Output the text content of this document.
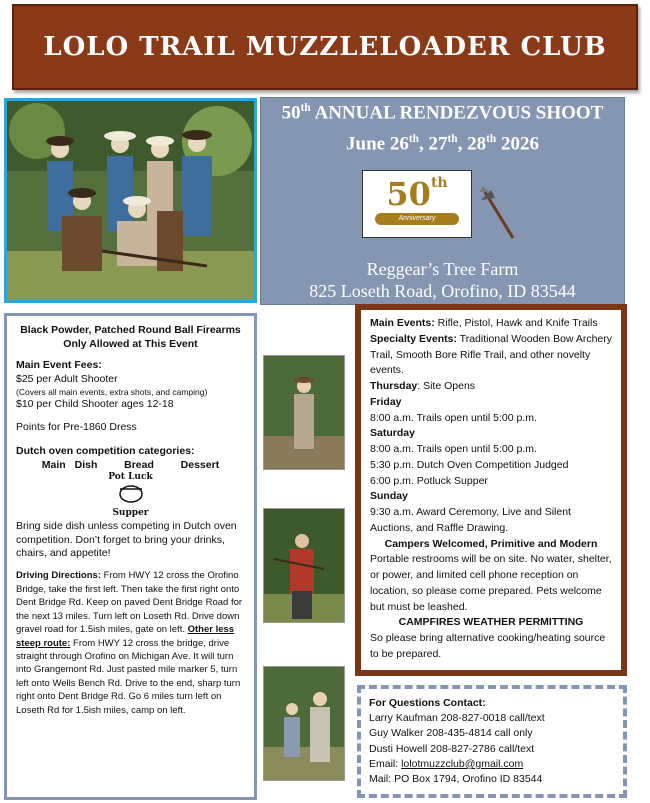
LOLO TRAIL MUZZLELOADER CLUB
50th ANNUAL RENDEZVOUS SHOOT
June 26th, 27th, 28th 2026
50th
Anniversary
Reggear’s Tree Farm
825 Loseth Road, Orofino, ID 83544

Black Powder, Patched Round Ball Firearms Only Allowed at This Event

Main Event Fees:

$25 per Adult Shooter

(Covers all main events, extra shots, and camping)

$10 per Child Shooter ages 12-18

Points for Pre-1860 Dress

Dutch oven competition categories:

Main Dish	Bread	Dessert

Pot Luck
Supper

Bring side dish unless competing in Dutch oven competition. Don’t forget to bring your drinks, chairs, and appetite!

Driving Directions: From HWY 12 cross the Orofino Bridge, take the first left. Then take the first right onto Dent Bridge Rd. Keep on paved Dent Bridge Road for the next 13 miles. Turn left on Loseth Rd. Drive down gravel road for 1.5ish miles, gate on left. Other less steep route: From HWY 12 cross the bridge, drive straight through Orofino on Michigan Ave. It will turn into Grangemont Rd. Just pasted mile marker 5, turn left onto Wells Bench Rd. Drive to the end, sharp turn right onto Dent Bridge Rd. Go 6 miles turn left on Loseth Rd for 1.5ish miles, camp on left.

Main Events: Rifle, Pistol, Hawk and Knife Trails

Specialty Events: Traditional Wooden Bow Archery Trail, Smooth Bore Rifle Trail, and other novelty events.

Thursday: Site Opens

Friday

8:00 a.m. Trails open until 5:00 p.m.

Saturday

8:00 a.m. Trails open until 5:00 p.m.

5:30 p.m. Dutch Oven Competition Judged

6:00 p.m. Potluck Supper

Sunday

9:30 a.m. Award Ceremony, Live and Silent Auctions, and Raffle Drawing.

Campers Welcomed, Primitive and Modern

Portable restrooms will be on site. No water, shelter, or power, and limited cell phone reception on location, so please come prepared. Pets welcome but must be leashed.

CAMPFIRES WEATHER PERMITTING

So please bring alternative cooking/heating source to be prepared.

For Questions Contact:

Larry Kaufman 208-827-0018 call/text

Guy Walker 208-435-4814 call only

Dusti Howell 208-827-2786 call/text

Email: lolotmuzzclub@gmail.com

Mail: PO Box 1794, Orofino ID 83544
